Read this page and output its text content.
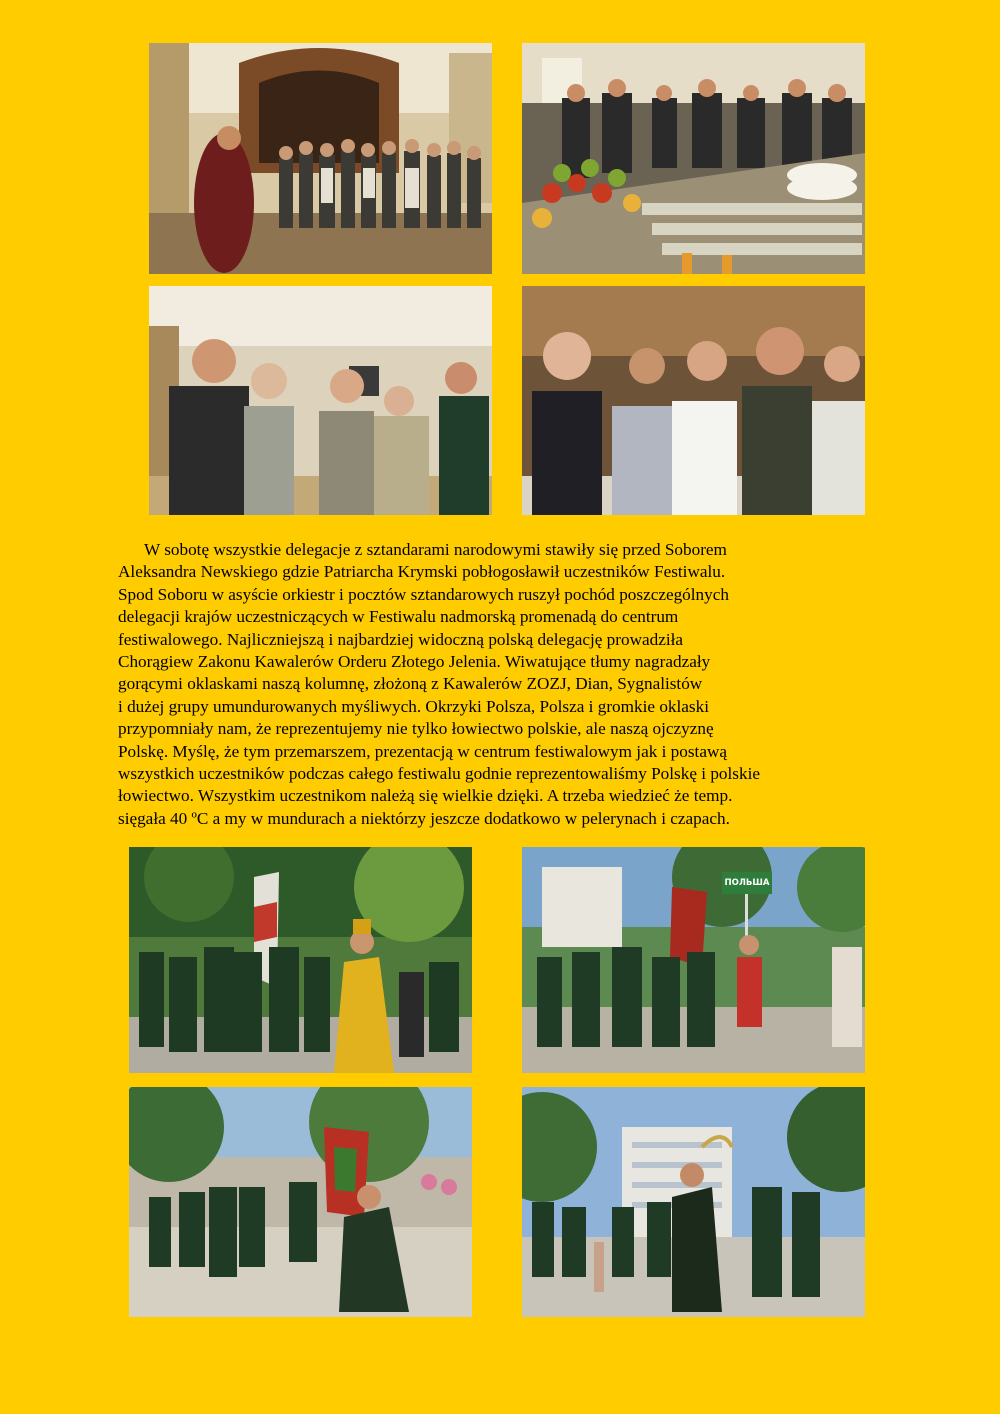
W sobotę wszystkie delegacje z sztandarami narodowymi stawiły się przed Soborem

Aleksandra Newskiego gdzie Patriarcha Krymski pobłogosławił uczestników Festiwalu.

Spod Soboru w asyście orkiestr i pocztów sztandarowych ruszył pochód poszczególnych

delegacji krajów uczestniczących w Festiwalu nadmorską promenadą do centrum

festiwalowego. Najliczniejszą i najbardziej widoczną polską delegację prowadziła

Chorągiew Zakonu Kawalerów Orderu Złotego Jelenia. Wiwatujące tłumy nagradzały

gorącymi oklaskami naszą kolumnę, złożoną z Kawalerów ZOZJ, Dian, Sygnalistów

i dużej grupy umundurowanych myśliwych. Okrzyki Polsza, Polsza i gromkie oklaski

przypomniały nam, że reprezentujemy nie tylko łowiectwo polskie, ale naszą ojczyznę

Polskę. Myślę, że tym przemarszem, prezentacją w centrum festiwalowym jak i postawą

wszystkich uczestników podczas całego festiwalu godnie reprezentowaliśmy Polskę i polskie

łowiectwo. Wszystkim uczestnikom należą się wielkie dzięki. A trzeba wiedzieć że temp.

sięgała 40 ºC a my w mundurach a niektórzy jeszcze dodatkowo w pelerynach i czapach.

ПОЛЬША
